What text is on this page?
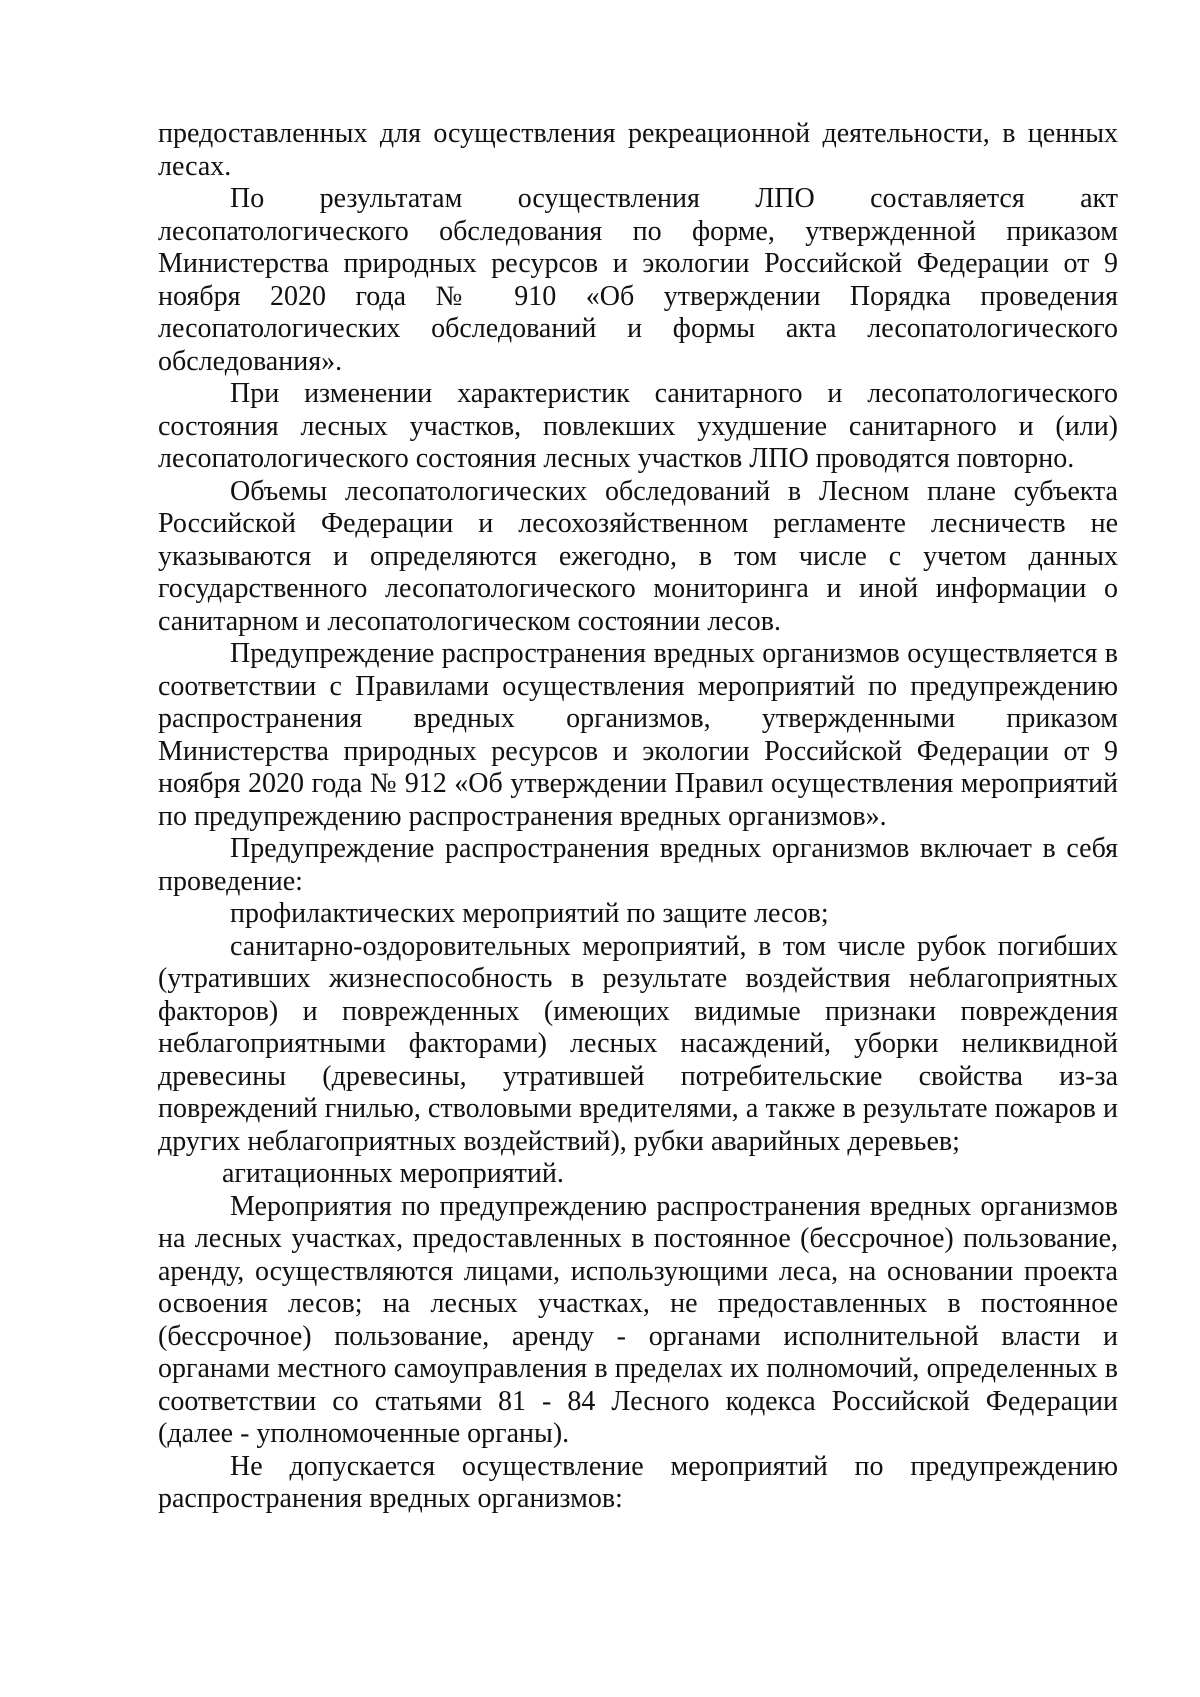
предоставленных для осуществления рекреационной деятельности, в ценных лесах.

По результатам осуществления ЛПО составляется акт лесопатологического обследования по форме, утвержденной приказом Министерства природных ресурсов и экологии Российской Федерации от 9 ноября 2020 года № 910 «Об утверждении Порядка проведения лесопатологических обследований и формы акта лесопатологического обследования».

При изменении характеристик санитарного и лесопатологического состояния лесных участков, повлекших ухудшение санитарного и (или) лесопатологического состояния лесных участков ЛПО проводятся повторно.

Объемы лесопатологических обследований в Лесном плане субъекта Российской Федерации и лесохозяйственном регламенте лесничеств не указываются и определяются ежегодно, в том числе с учетом данных государственного лесопатологического мониторинга и иной информации о санитарном и лесопатологическом состоянии лесов.

Предупреждение распространения вредных организмов осуществляется в соответствии с Правилами осуществления мероприятий по предупреждению распространения вредных организмов, утвержденными приказом Министерства природных ресурсов и экологии Российской Федерации от 9 ноября 2020 года № 912 «Об утверждении Правил осуществления мероприятий по предупреждению распространения вредных организмов».

Предупреждение распространения вредных организмов включает в себя проведение:

профилактических мероприятий по защите лесов;

санитарно-оздоровительных мероприятий, в том числе рубок погибших (утративших жизнеспособность в результате воздействия неблагоприятных факторов) и поврежденных (имеющих видимые признаки повреждения неблагоприятными факторами) лесных насаждений, уборки неликвидной древесины (древесины, утратившей потребительские свойства из-за повреждений гнилью, стволовыми вредителями, а также в результате пожаров и других неблагоприятных воздействий), рубки аварийных деревьев;

агитационных мероприятий.

Мероприятия по предупреждению распространения вредных организмов на лесных участках, предоставленных в постоянное (бессрочное) пользование, аренду, осуществляются лицами, использующими леса, на основании проекта освоения лесов; на лесных участках, не предоставленных в постоянное (бессрочное) пользование, аренду - органами исполнительной власти и органами местного самоуправления в пределах их полномочий, определенных в соответствии со статьями 81 - 84 Лесного кодекса Российской Федерации (далее - уполномоченные органы).

Не допускается осуществление мероприятий по предупреждению распространения вредных организмов:
